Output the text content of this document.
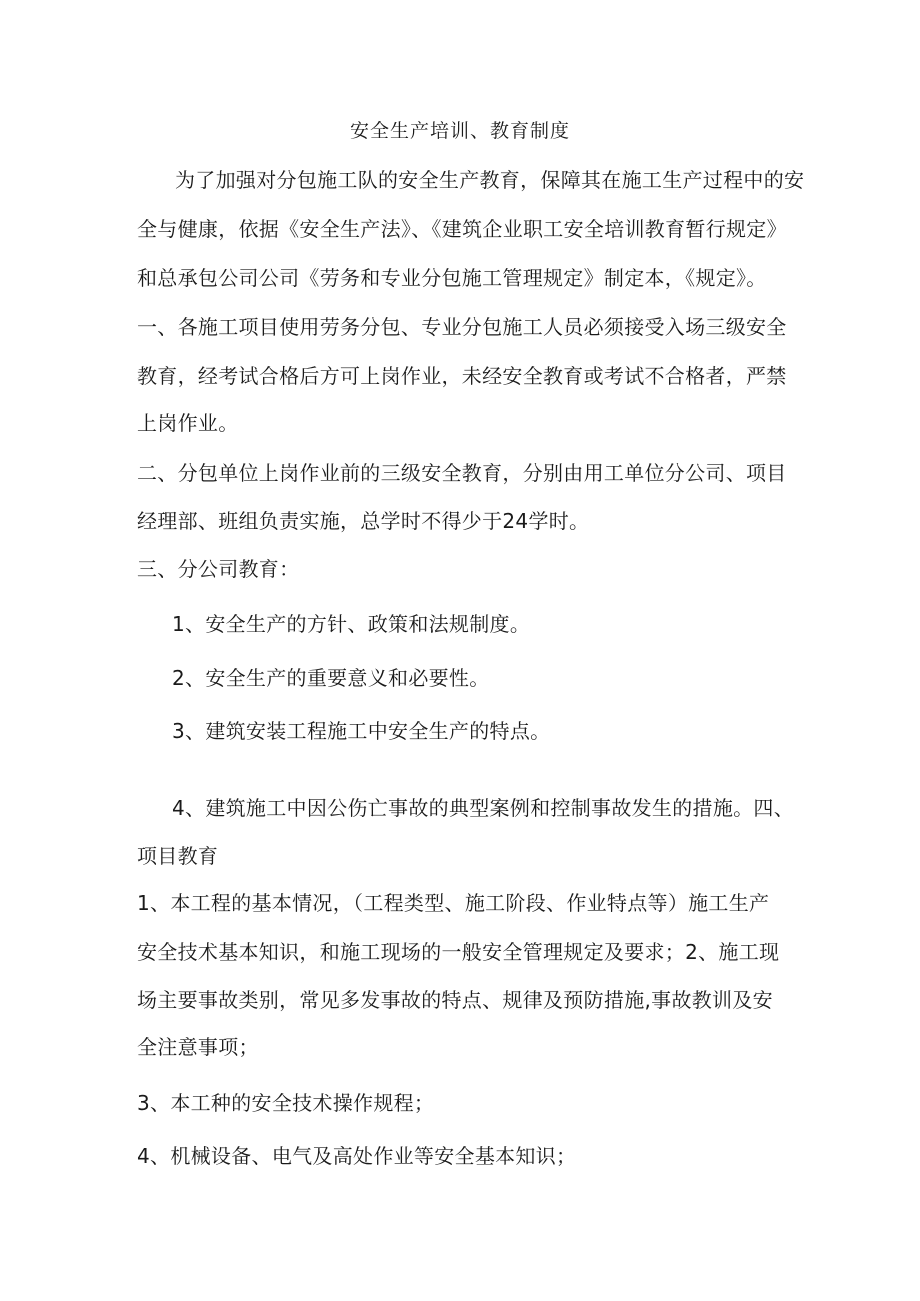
安全生产培训、教育制度
为了加强对分包施工队的安全生产教育，保障其在施工生产过程中的安
全与健康，依据《安全生产法》、《建筑企业职工安全培训教育暂行规定》
和总承包公司公司《劳务和专业分包施工管理规定》制定本，《规定》。
一、各施工项目使用劳务分包、专业分包施工人员必须接受入场三级安全
教育，经考试合格后方可上岗作业，未经安全教育或考试不合格者，严禁
上岗作业。
二、分包单位上岗作业前的三级安全教育，分别由用工单位分公司、项目
经理部、班组负责实施，总学时不得少于24学时。
三、分公司教育：
1、安全生产的方针、政策和法规制度。
2、安全生产的重要意义和必要性。
3、建筑安装工程施工中安全生产的特点。
4、建筑施工中因公伤亡事故的典型案例和控制事故发生的措施。四、
项目教育
1、本工程的基本情况，（工程类型、施工阶段、作业特点等）施工生产
安全技术基本知识，和施工现场的一般安全管理规定及要求；2、施工现
场主要事故类别，常见多发事故的特点、规律及预防措施,事故教训及安
全注意事项；
3、本工种的安全技术操作规程；
4、机械设备、电气及高处作业等安全基本知识；
